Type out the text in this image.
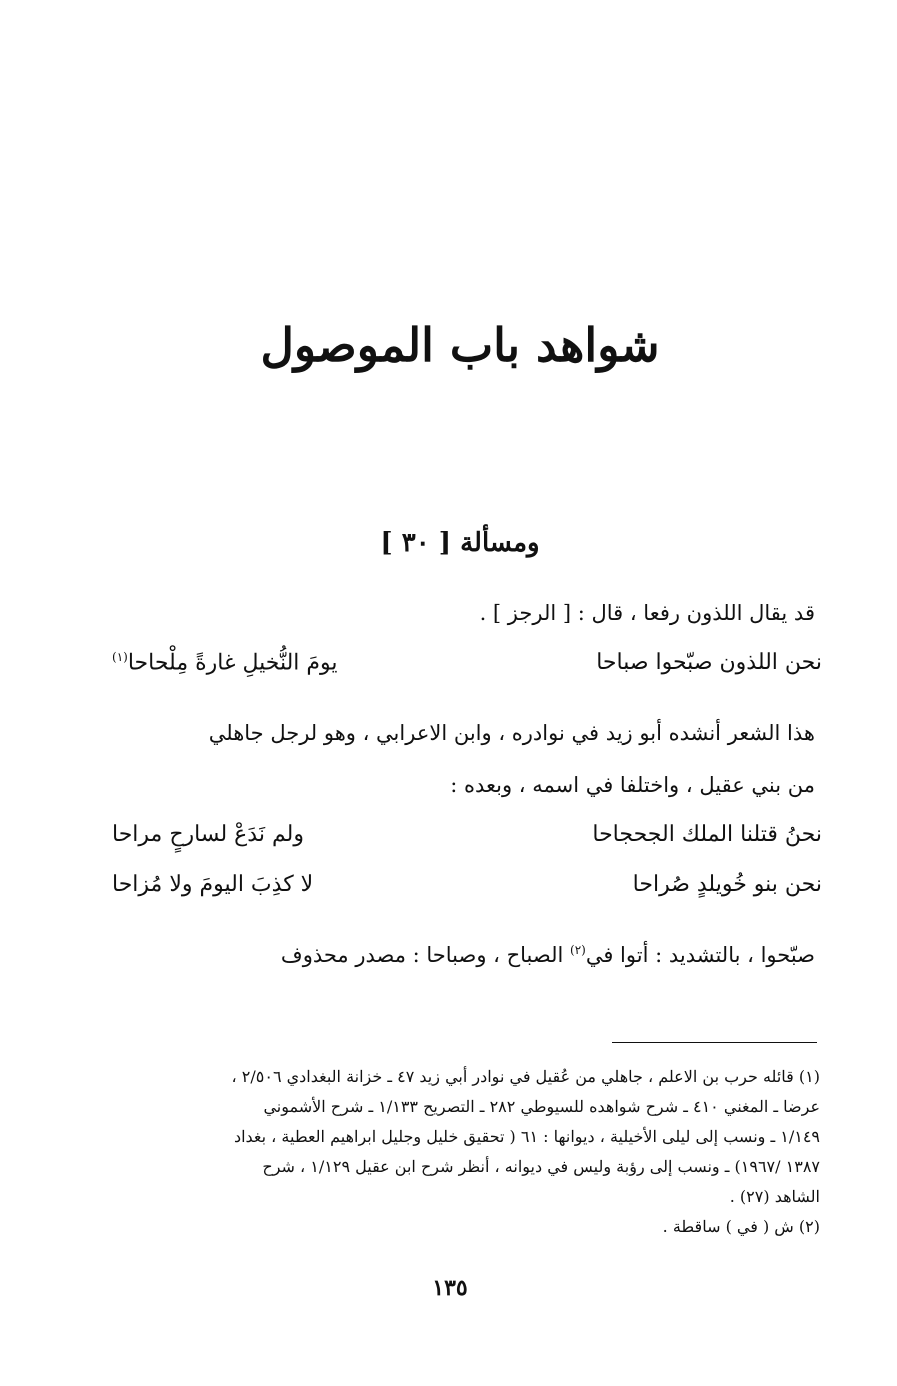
شواهد باب الموصول
ومسألة [ ٣٠ ]
قد يقال اللذون رفعا ، قال : [ الرجز ] .
نحن اللذون صبّحوا صباحا
يومَ النُّخيلِ غارةً مِلْحاحا$^{(١)}$
هذا الشعر أنشده أبو زيد في نوادره ، وابن الاعرابي ، وهو لرجل جاهلي
من بني عقيل ، واختلفا في اسمه ، وبعده :
نحنُ قتلنا الملك الجحجاحا
ولم نَدَعْ لسارحٍ مراحا
نحن بنو خُويلدٍ صُراحا
لا كذِبَ اليومَ ولا مُزاحا
صبّحوا ، بالتشديد : أتوا في$^{(٢)}$ الصباح ، وصباحا : مصدر محذوف
(١) قائله حرب بن الاعلم ، جاهلي من عُقيل في نوادر أبي زيد ٤٧ ـ خزانة البغدادي ٢/٥٠٦ ،
عرضا ـ المغني ٤١٠ ـ شرح شواهده للسيوطي ٢٨٢ ـ التصريح ١/١٣٣ ـ شرح الأشموني
١/١٤٩ ـ ونسب إلى ليلى الأخيلية ، ديوانها : ٦١ ( تحقيق خليل وجليل ابراهيم العطية ، بغداد
١٣٨٧ /١٩٦٧) ـ ونسب إلى رؤبة وليس في ديوانه ، أنظر شرح ابن عقيل ١/١٢٩ ، شرح
الشاهد (٢٧) .
(٢) ش ( في ) ساقطة .
١٣٥
